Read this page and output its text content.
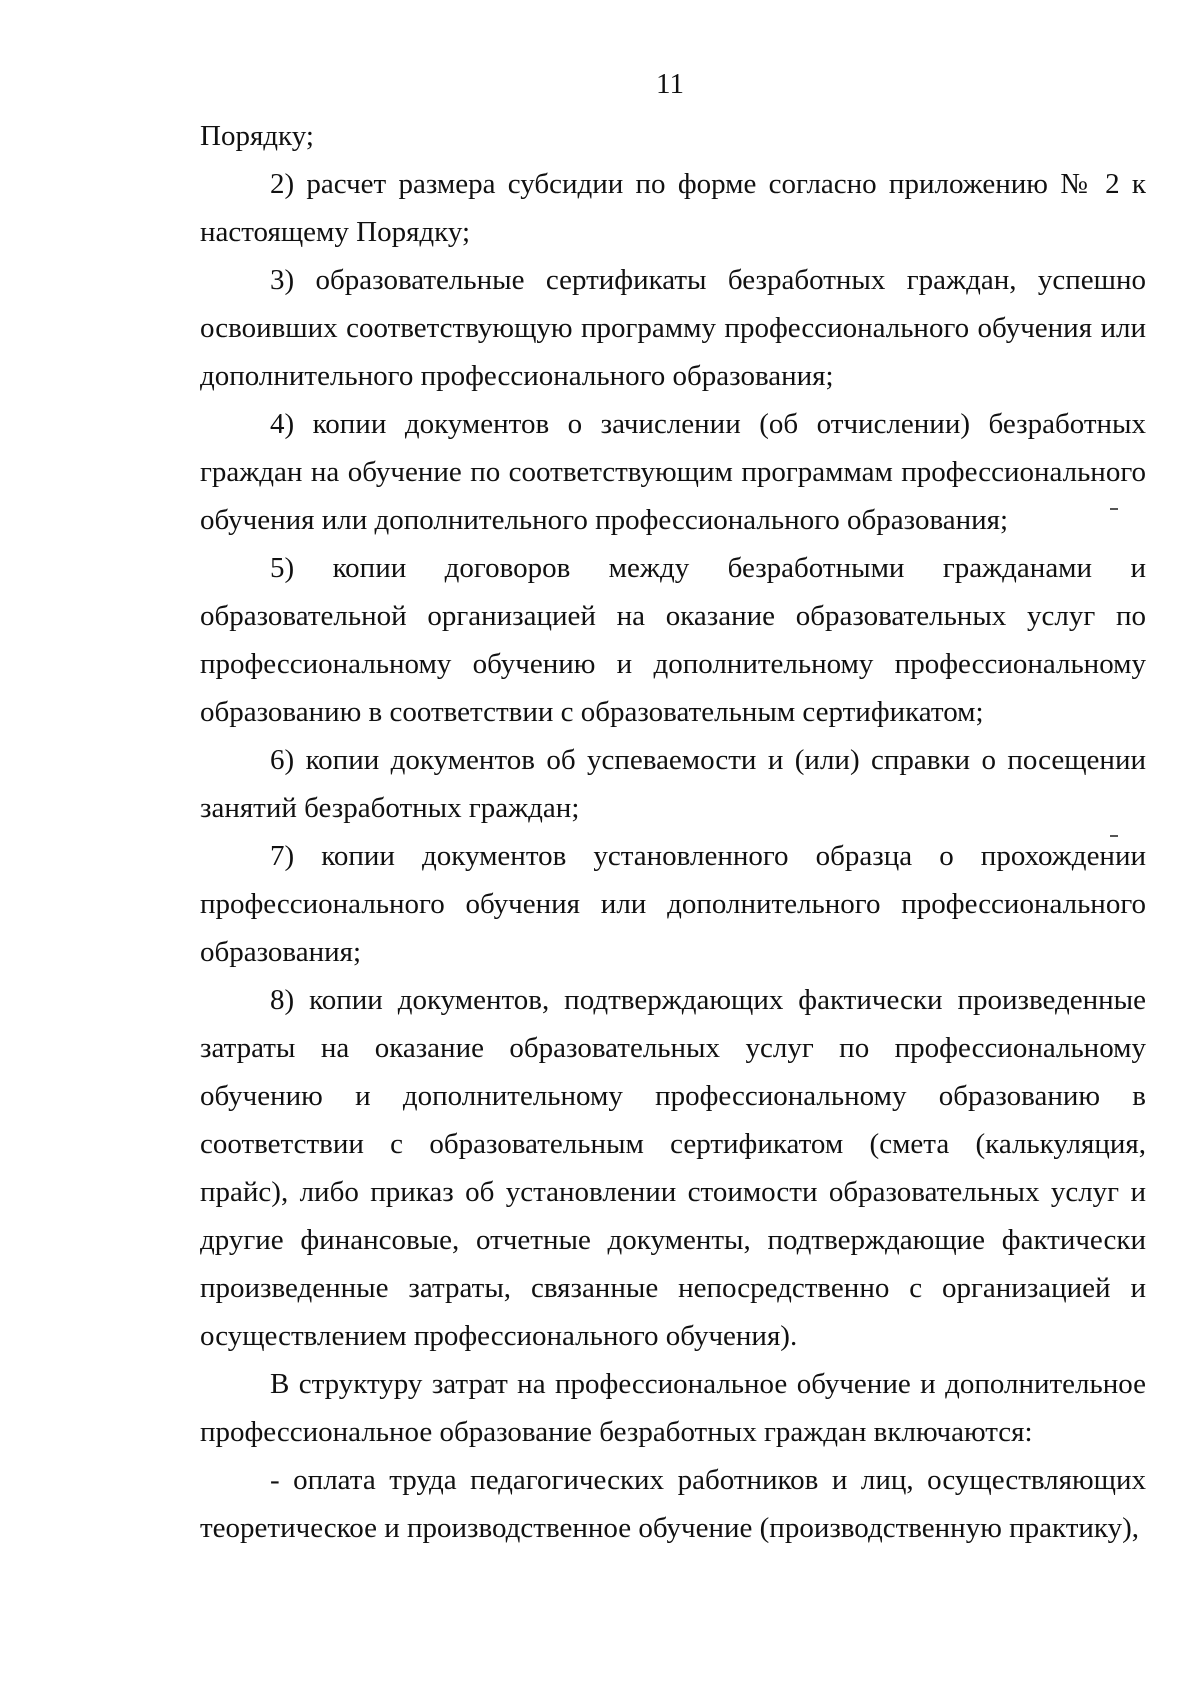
11

Порядку;

2) расчет размера субсидии по форме согласно приложению № 2 к настоящему Порядку;

3) образовательные сертификаты безработных граждан, успешно освоивших соответствующую программу профессионального обучения или дополнительного профессионального образования;

4) копии документов о зачислении (об отчислении) безработных граждан на обучение по соответствующим программам профессионального обучения или дополнительного профессионального образования;

5) копии договоров между безработными гражданами и образовательной организацией на оказание образовательных услуг по профессиональному обучению и дополнительному профессиональному образованию в соответствии с образовательным сертификатом;

6) копии документов об успеваемости и (или) справки о посещении занятий безработных граждан;

7) копии документов установленного образца о прохождении профессионального обучения или дополнительного профессионального образования;

8) копии документов, подтверждающих фактически произведенные затраты на оказание образовательных услуг по профессиональному обучению и дополнительному профессиональному образованию в соответствии с образовательным сертификатом (смета (калькуляция, прайс), либо приказ об установлении стоимости образовательных услуг и другие финансовые, отчетные документы, подтверждающие фактически произведенные затраты, связанные непосредственно с организацией и осуществлением профессионального обучения).

В структуру затрат на профессиональное обучение и дополнительное профессиональное образование безработных граждан включаются:

- оплата труда педагогических работников и лиц, осуществляющих теоретическое и производственное обучение (производственную практику),
